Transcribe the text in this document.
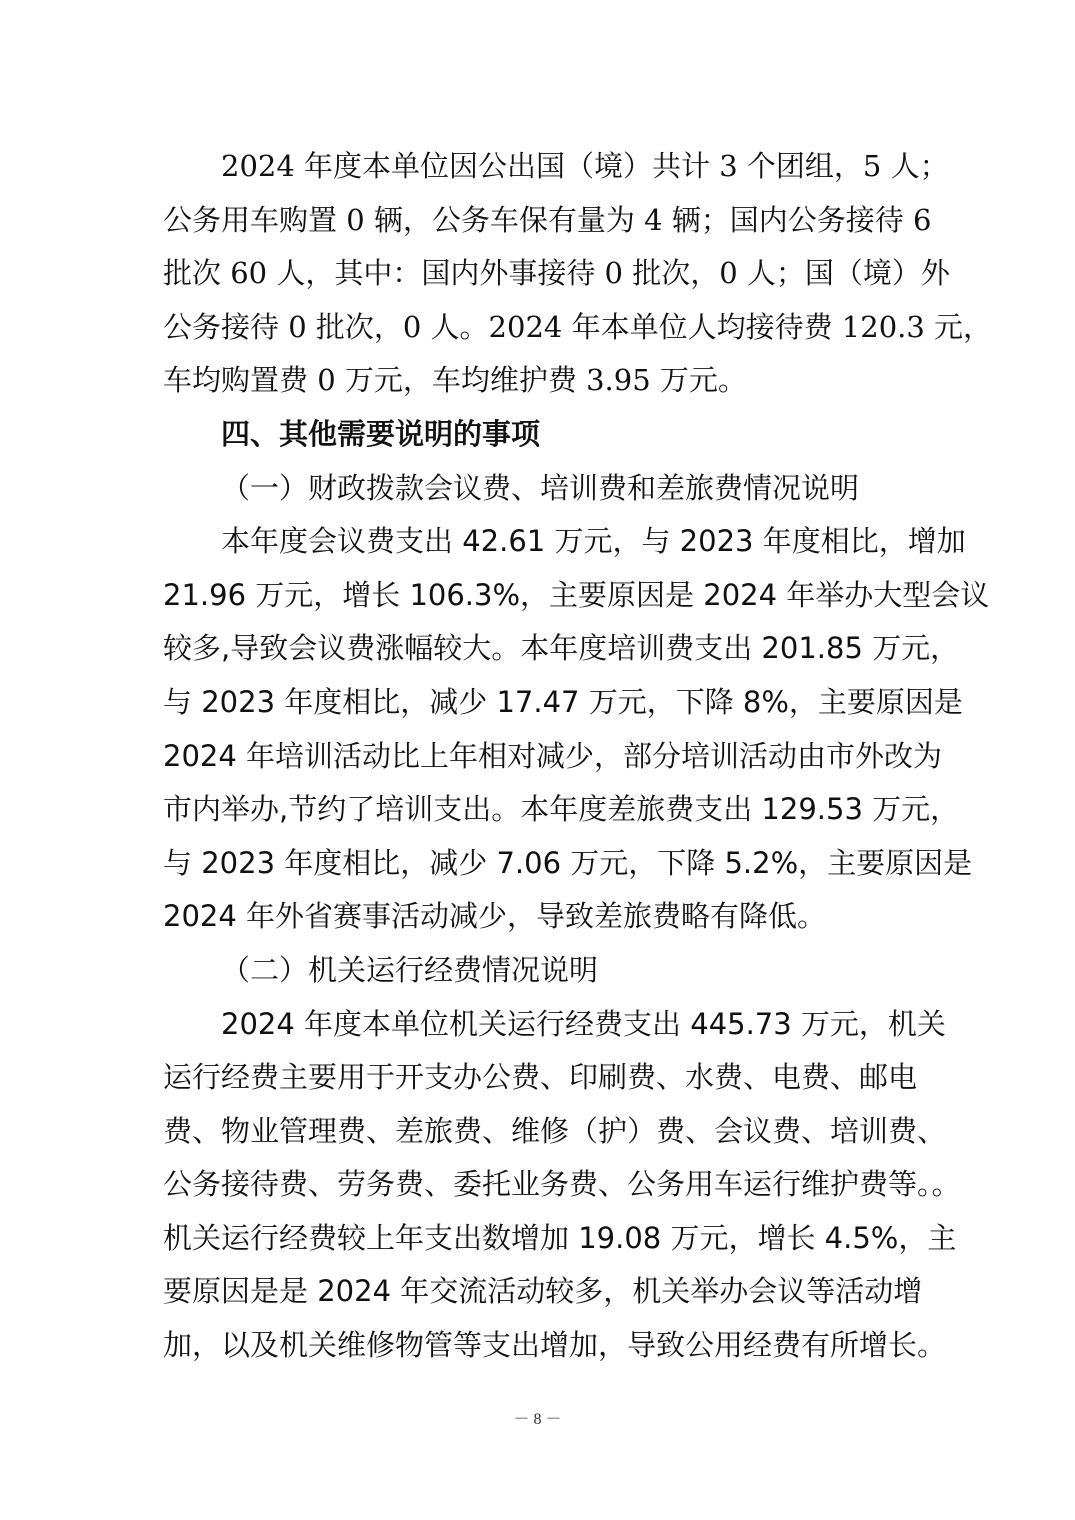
2024 年度本单位因公出国（境）共计 3 个团组，5 人；
公务用车购置 0 辆，公务车保有量为 4 辆；国内公务接待 6
批次 60 人，其中：国内外事接待 0 批次，0 人；国（境）外
公务接待 0 批次，0 人。2024 年本单位人均接待费 120.3 元，
车均购置费 0 万元，车均维护费 3.95 万元。
四、其他需要说明的事项
（一）财政拨款会议费、培训费和差旅费情况说明
本年度会议费支出 42.61 万元，与 2023 年度相比，增加
21.96 万元，增长 106.3%，主要原因是 2024 年举办大型会议
较多,导致会议费涨幅较大。本年度培训费支出 201.85 万元，
与 2023 年度相比，减少 17.47 万元，下降 8%，主要原因是
2024 年培训活动比上年相对减少，部分培训活动由市外改为
市内举办,节约了培训支出。本年度差旅费支出 129.53 万元，
与 2023 年度相比，减少 7.06 万元，下降 5.2%，主要原因是
2024 年外省赛事活动减少，导致差旅费略有降低。
（二）机关运行经费情况说明
2024 年度本单位机关运行经费支出 445.73 万元，机关
运行经费主要用于开支办公费、印刷费、水费、电费、邮电
费、物业管理费、差旅费、维修（护）费、会议费、培训费、
公务接待费、劳务费、委托业务费、公务用车运行维护费等。。
机关运行经费较上年支出数增加 19.08 万元，增长 4.5%，主
要原因是是 2024 年交流活动较多，机关举办会议等活动增
加，以及机关维修物管等支出增加，导致公用经费有所增长。
－ 8 －
